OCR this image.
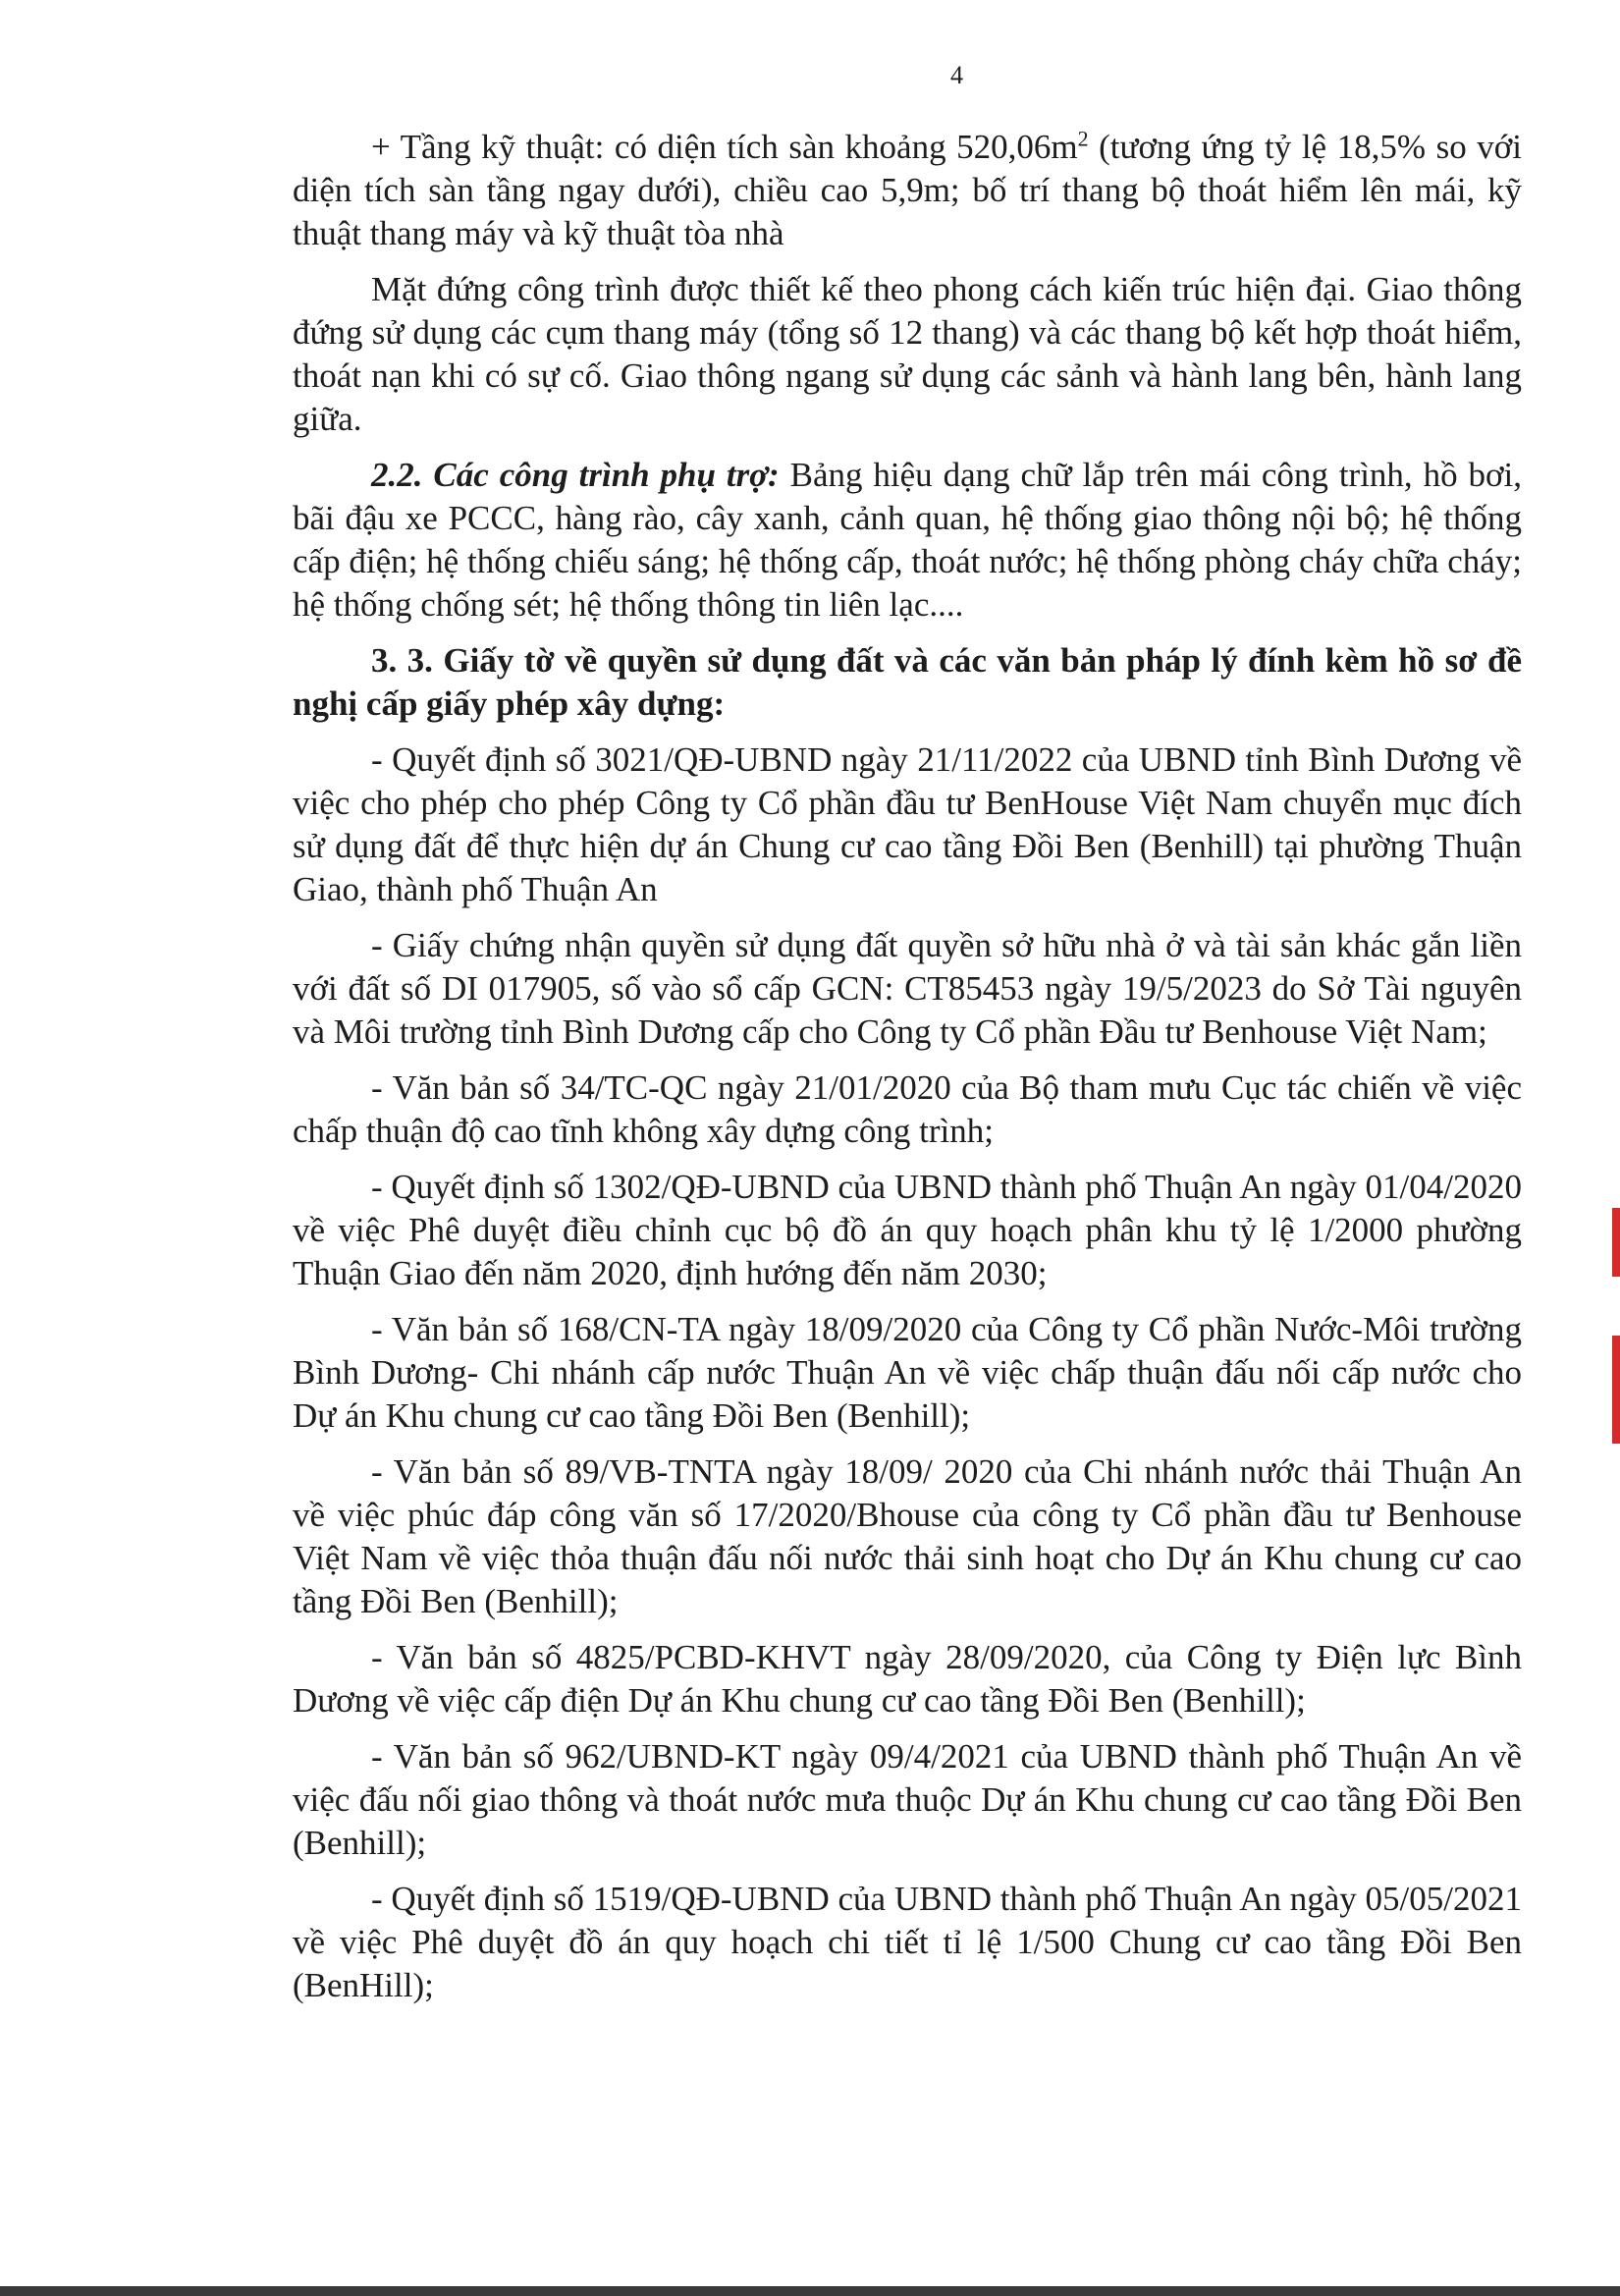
4

+ Tầng kỹ thuật: có diện tích sàn khoảng $520,06m^2$ (tương ứng tỷ lệ 18,5% so với diện tích sàn tầng ngay dưới), chiều cao 5,9m; bố trí thang bộ thoát hiểm lên mái, kỹ thuật thang máy và kỹ thuật tòa nhà

Mặt đứng công trình được thiết kế theo phong cách kiến trúc hiện đại. Giao thông đứng sử dụng các cụm thang máy (tổng số 12 thang) và các thang bộ kết hợp thoát hiểm, thoát nạn khi có sự cố. Giao thông ngang sử dụng các sảnh và hành lang bên, hành lang giữa.

2.2. Các công trình phụ trợ: Bảng hiệu dạng chữ lắp trên mái công trình, hồ bơi, bãi đậu xe PCCC, hàng rào, cây xanh, cảnh quan, hệ thống giao thông nội bộ; hệ thống cấp điện; hệ thống chiếu sáng; hệ thống cấp, thoát nước; hệ thống phòng cháy chữa cháy; hệ thống chống sét; hệ thống thông tin liên lạc....

3. 3. Giấy tờ về quyền sử dụng đất và các văn bản pháp lý đính kèm hồ sơ đề nghị cấp giấy phép xây dựng:

- Quyết định số 3021/QĐ-UBND ngày 21/11/2022 của UBND tỉnh Bình Dương về việc cho phép cho phép Công ty Cổ phần đầu tư BenHouse Việt Nam chuyển mục đích sử dụng đất để thực hiện dự án Chung cư cao tầng Đồi Ben (Benhill) tại phường Thuận Giao, thành phố Thuận An

- Giấy chứng nhận quyền sử dụng đất quyền sở hữu nhà ở và tài sản khác gắn liền với đất số DI 017905, số vào sổ cấp GCN: CT85453 ngày 19/5/2023 do Sở Tài nguyên và Môi trường tỉnh Bình Dương cấp cho Công ty Cổ phần Đầu tư Benhouse Việt Nam;

- Văn bản số 34/TC-QC ngày 21/01/2020 của Bộ tham mưu Cục tác chiến về việc chấp thuận độ cao tĩnh không xây dựng công trình;

- Quyết định số 1302/QĐ-UBND của UBND thành phố Thuận An ngày 01/04/2020 về việc Phê duyệt điều chỉnh cục bộ đồ án quy hoạch phân khu tỷ lệ 1/2000 phường Thuận Giao đến năm 2020, định hướng đến năm 2030;

- Văn bản số 168/CN-TA ngày 18/09/2020 của Công ty Cổ phần Nước-Môi trường Bình Dương- Chi nhánh cấp nước Thuận An về việc chấp thuận đấu nối cấp nước cho Dự án Khu chung cư cao tầng Đồi Ben (Benhill);

- Văn bản số 89/VB-TNTA ngày 18/09/ 2020 của Chi nhánh nước thải Thuận An về việc phúc đáp công văn số 17/2020/Bhouse của công ty Cổ phần đầu tư Benhouse Việt Nam về việc thỏa thuận đấu nối nước thải sinh hoạt cho Dự án Khu chung cư cao tầng Đồi Ben (Benhill);

- Văn bản số 4825/PCBD-KHVT ngày 28/09/2020, của Công ty Điện lực Bình Dương về việc cấp điện Dự án Khu chung cư cao tầng Đồi Ben (Benhill);

- Văn bản số 962/UBND-KT ngày 09/4/2021 của UBND thành phố Thuận An về việc đấu nối giao thông và thoát nước mưa thuộc Dự án Khu chung cư cao tầng Đồi Ben (Benhill);

- Quyết định số 1519/QĐ-UBND của UBND thành phố Thuận An ngày 05/05/2021 về việc Phê duyệt đồ án quy hoạch chi tiết tỉ lệ 1/500 Chung cư cao tầng Đồi Ben (BenHill);
